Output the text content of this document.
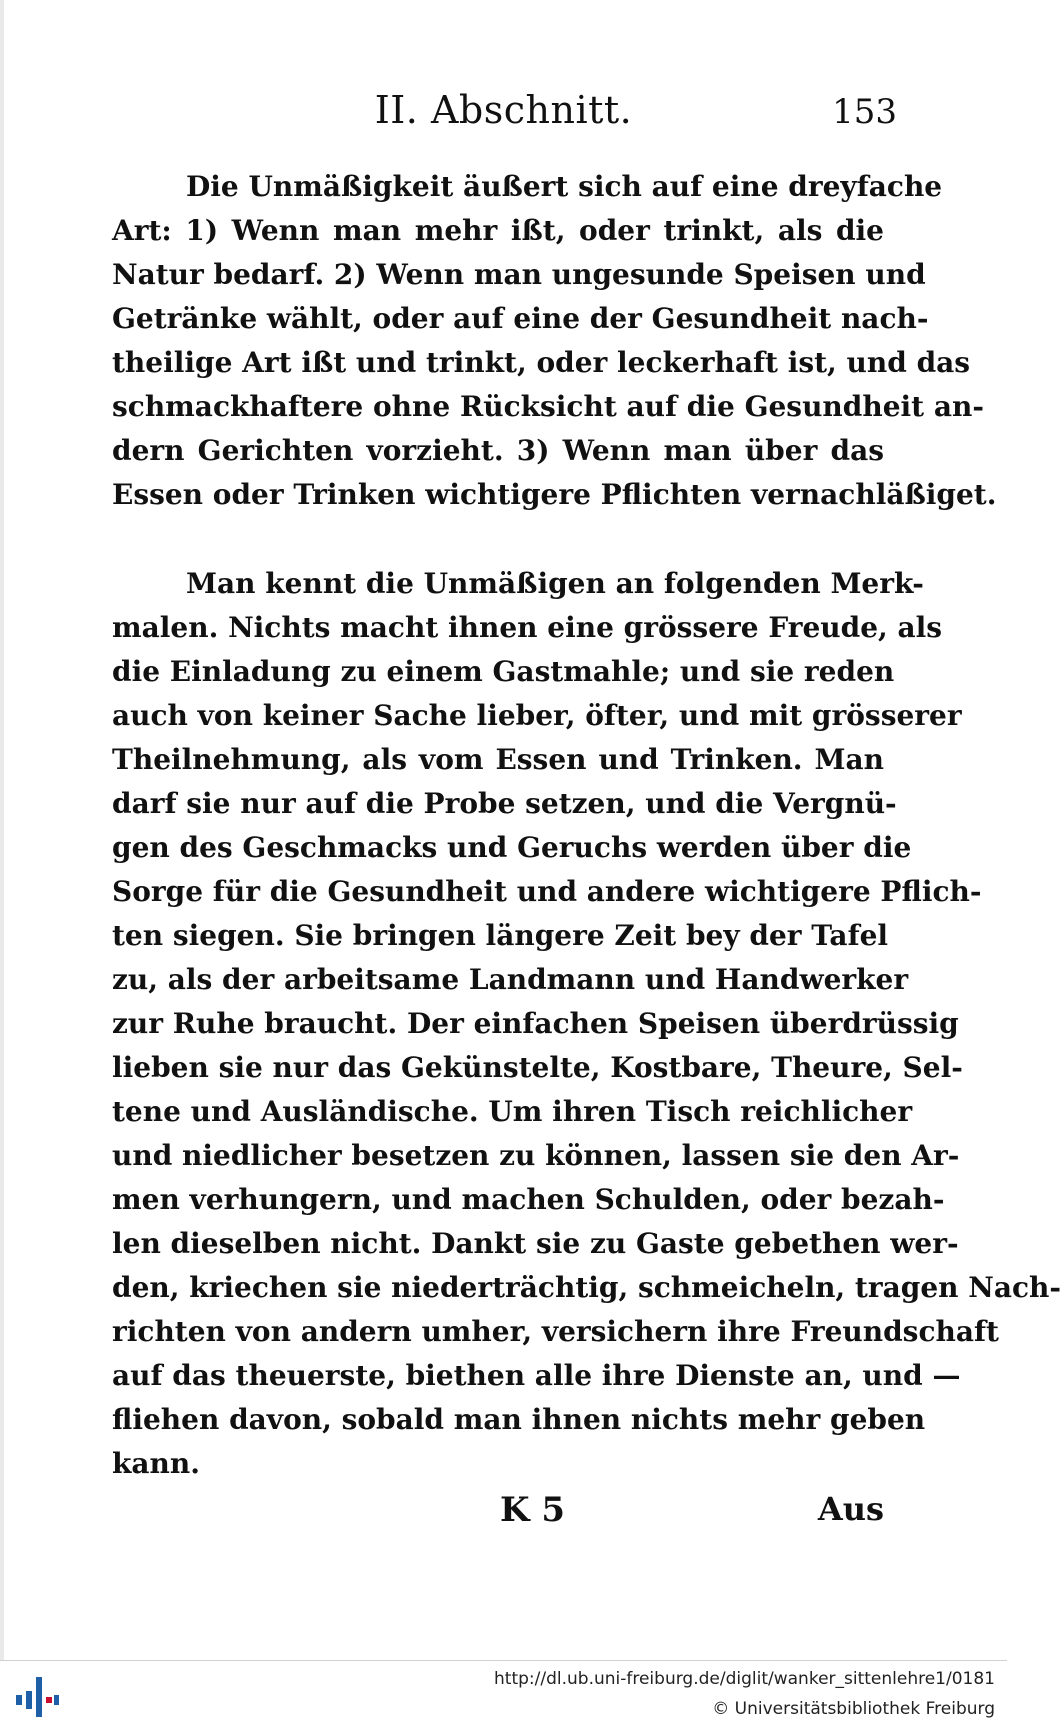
II. Abschnitt.	153
Die Unmäßigkeit äußert sich auf eine dreyfache
Art: 1) Wenn man mehr ißt, oder trinkt, als die
Natur bedarf. 2) Wenn man ungesunde Speisen und
Getränke wählt, oder auf eine der Gesundheit nach-
theilige Art ißt und trinkt, oder leckerhaft ist, und das
schmackhaftere ohne Rücksicht auf die Gesundheit an-
dern Gerichten vorzieht. 3) Wenn man über das
Essen oder Trinken wichtigere Pflichten vernachläßiget.
Man kennt die Unmäßigen an folgenden Merk-
malen. Nichts macht ihnen eine grössere Freude, als
die Einladung zu einem Gastmahle; und sie reden
auch von keiner Sache lieber, öfter, und mit grösserer
Theilnehmung, als vom Essen und Trinken. Man
darf sie nur auf die Probe setzen, und die Vergnü-
gen des Geschmacks und Geruchs werden über die
Sorge für die Gesundheit und andere wichtigere Pflich-
ten siegen. Sie bringen längere Zeit bey der Tafel
zu, als der arbeitsame Landmann und Handwerker
zur Ruhe braucht. Der einfachen Speisen überdrüssig
lieben sie nur das Gekünstelte, Kostbare, Theure, Sel-
tene und Ausländische. Um ihren Tisch reichlicher
und niedlicher besetzen zu können, lassen sie den Ar-
men verhungern, und machen Schulden, oder bezah-
len dieselben nicht. Dankt sie zu Gaste gebethen wer-
den, kriechen sie niederträchtig, schmeicheln, tragen Nach-
richten von andern umher, versichern ihre Freundschaft
auf das theuerste, biethen alle ihre Dienste an, und —
fliehen davon, sobald man ihnen nichts mehr geben
kann.
K 5	Aus
http://dl.ub.uni-freiburg.de/diglit/wanker_sittenlehre1/0181
© Universitätsbibliothek Freiburg
